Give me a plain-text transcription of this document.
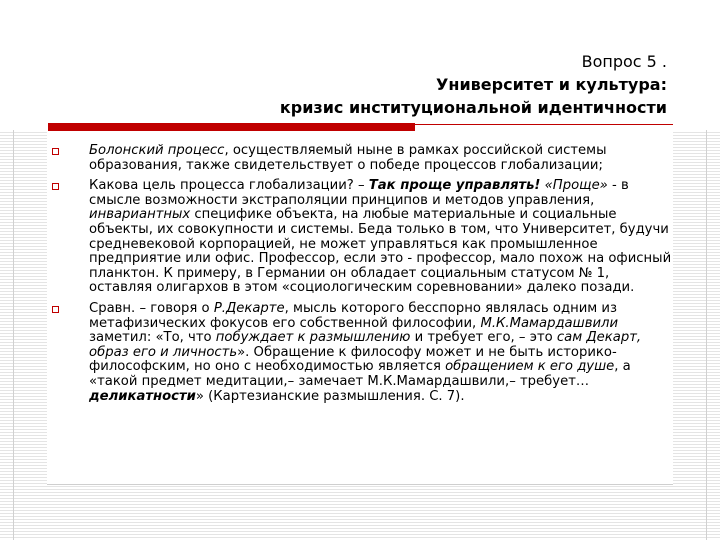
Вопрос 5 .
Университет и культура:
кризис институциональной идентичности
Болонский процесс, осуществляемый ныне в рамках российской системы образования, также свидетельствует о победе процессов глобализации;
Какова цель процесса глобализации? – Так проще управлять! «Проще» - в смысле возможности экстраполяции принципов и методов управления, инвариантных специфике объекта, на любые материальные и социальные объекты, их совокупности и системы. Беда только в том, что Университет, будучи средневековой корпорацией, не может управляться как промышленное предприятие или офис. Профессор, если это - профессор, мало похож на офисный планктон. К примеру, в Германии он обладает социальным статусом № 1, оставляя олигархов в этом «социологическим соревновании» далеко позади.
Сравн. – говоря о Р.Декарте, мысль которого бесспорно являлась одним из метафизических фокусов его собственной философии, М.К.Мамардашвили заметил: «То, что побуждает к размышлению и требует его, – это сам Декарт, образ его и личность». Обращение к философу может и не быть историко-философским, но оно с необходимостью является обращением к его душе, а «такой предмет медитации,– замечает М.К.Мамардашвили,– требует… деликатности» (Картезианские размышления. С. 7).
